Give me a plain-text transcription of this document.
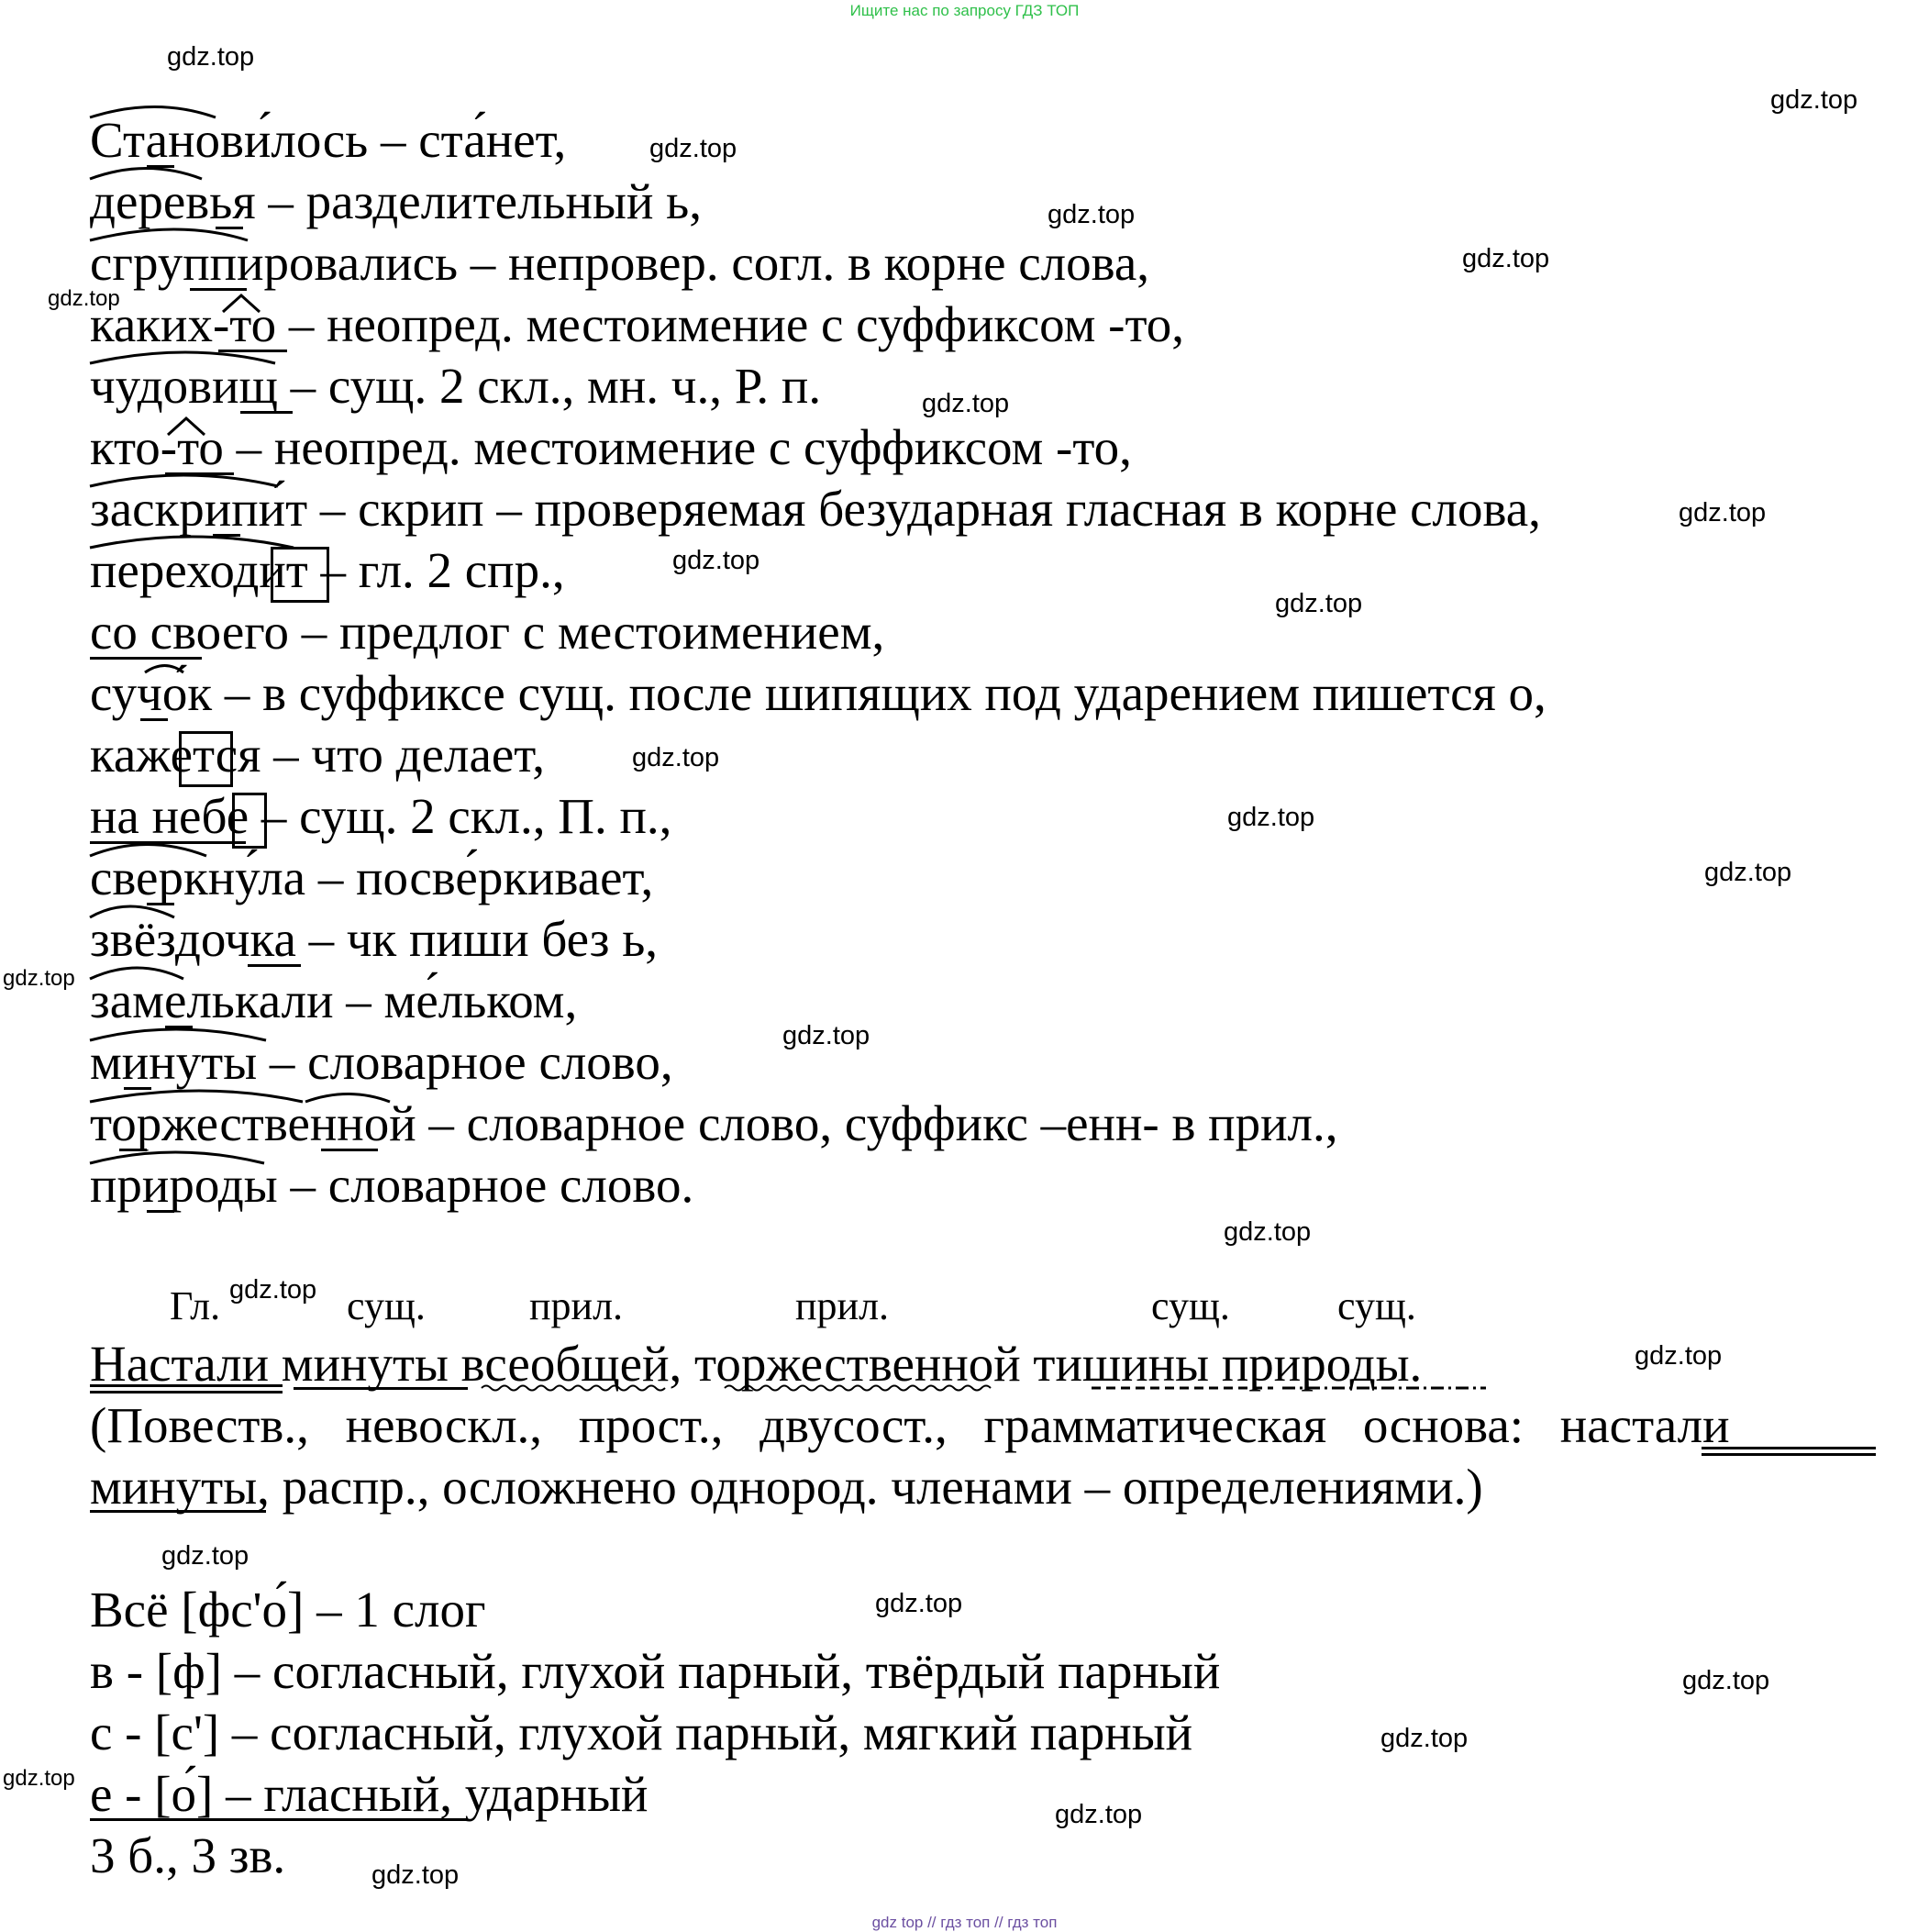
Ищите нас по запросу ГДЗ ТОП
gdz.top
gdz.top
gdz.top
gdz.top
gdz.top
gdz.top
gdz.top
gdz.top
gdz.top
gdz.top
gdz.top
gdz.top
gdz.top
gdz.top
gdz.top
gdz.top
gdz.top
gdz.top
gdz.top
gdz.top
gdz.top
gdz.top
gdz.top
gdz.top
gdz.top
Станови́лось – ста́нет,
деревья – разделительный ь,
сгруппировались – непровер. согл. в корне слова,
каких-то – неопред. местоимение с суффиксом -то,
чудовищ – сущ. 2 скл., мн. ч., Р. п.
кто-то – неопред. местоимение с суффиксом -то,
заскрипи́т – скрип – проверяемая безударная гласная в корне слова,
переходит – гл. 2 спр.,
со своего – предлог с местоимением,
сучо́к – в суффиксе сущ. после шипящих под ударением пишется о,
кажется – что делает,
на небе – сущ. 2 скл., П. п.,
сверкну́ла – посве́ркивает,
звёздочка – чк пиши без ь,
замелькали – ме́льком,
минуты – словарное слово,
торжественной – словарное слово, суффикс –енн- в прил.,
природы – словарное слово.
Гл.	сущ.	прил.	прил.	сущ.	сущ.
Настали минуты всеобщей, торжественной тишины природы.
(Повеств., невоскл., прост., двусост., грамматическая основа: настали
минуты, распр., осложнено однород. членами – определениями.)
Всё [фс'о́] – 1 слог
в - [ф] – согласный, глухой парный, твёрдый парный
с - [с'] – согласный, глухой парный, мягкий парный
е - [о́] – гласный, ударный
3 б., 3 зв.
gdz top // гдз топ // гдз топ
